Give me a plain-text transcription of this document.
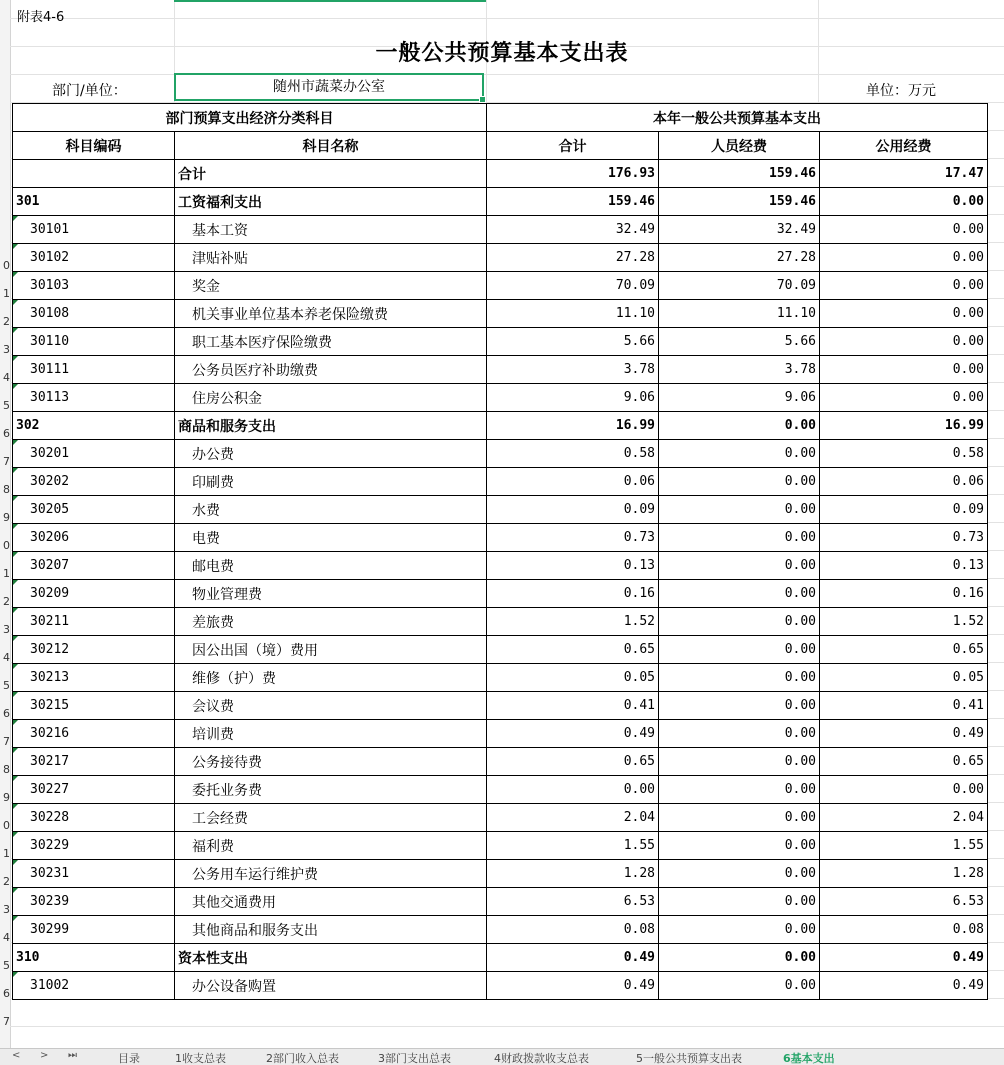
0
1
2
3
4
5
6
7
8
9
0
1
2
3
4
5
6
7
8
9
0
1
2
3
4
5
6
7
附表4-6
一般公共预算基本支出表
部门/单位：	随州市蔬菜办公室	单位：万元
部门预算支出经济分类科目		本年一般公共预算基本支出		
科目编码	科目名称	合计	人员经费	公用经费
	合计	176.93	159.46	17.47
301	工资福利支出	159.46	159.46	0.00

30101	基本工资	32.49	32.49	0.00

30102	津贴补贴	27.28	27.28	0.00

30103	奖金	70.09	70.09	0.00

30108	机关事业单位基本养老保险缴费	11.10	11.10	0.00

30110	职工基本医疗保险缴费	5.66	5.66	0.00

30111	公务员医疗补助缴费	3.78	3.78	0.00

30113	住房公积金	9.06	9.06	0.00
302	商品和服务支出	16.99	0.00	16.99

30201	办公费	0.58	0.00	0.58

30202	印刷费	0.06	0.00	0.06

30205	水费	0.09	0.00	0.09

30206	电费	0.73	0.00	0.73

30207	邮电费	0.13	0.00	0.13

30209	物业管理费	0.16	0.00	0.16

30211	差旅费	1.52	0.00	1.52

30212	因公出国（境）费用	0.65	0.00	0.65

30213	维修（护）费	0.05	0.00	0.05

30215	会议费	0.41	0.00	0.41

30216	培训费	0.49	0.00	0.49

30217	公务接待费	0.65	0.00	0.65

30227	委托业务费	0.00	0.00	0.00

30228	工会经费	2.04	0.00	2.04

30229	福利费	1.55	0.00	1.55

30231	公务用车运行维护费	1.28	0.00	1.28

30239	其他交通费用	6.53	0.00	6.53

30299	其他商品和服务支出	0.08	0.00	0.08
310	资本性支出	0.49	0.00	0.49

31002	办公设备购置	0.49	0.00	0.49
< > ⏭	目录	1收支总表	2部门收入总表	3部门支出总表	4财政拨款收支总表	5一般公共预算支出表	6基本支出
